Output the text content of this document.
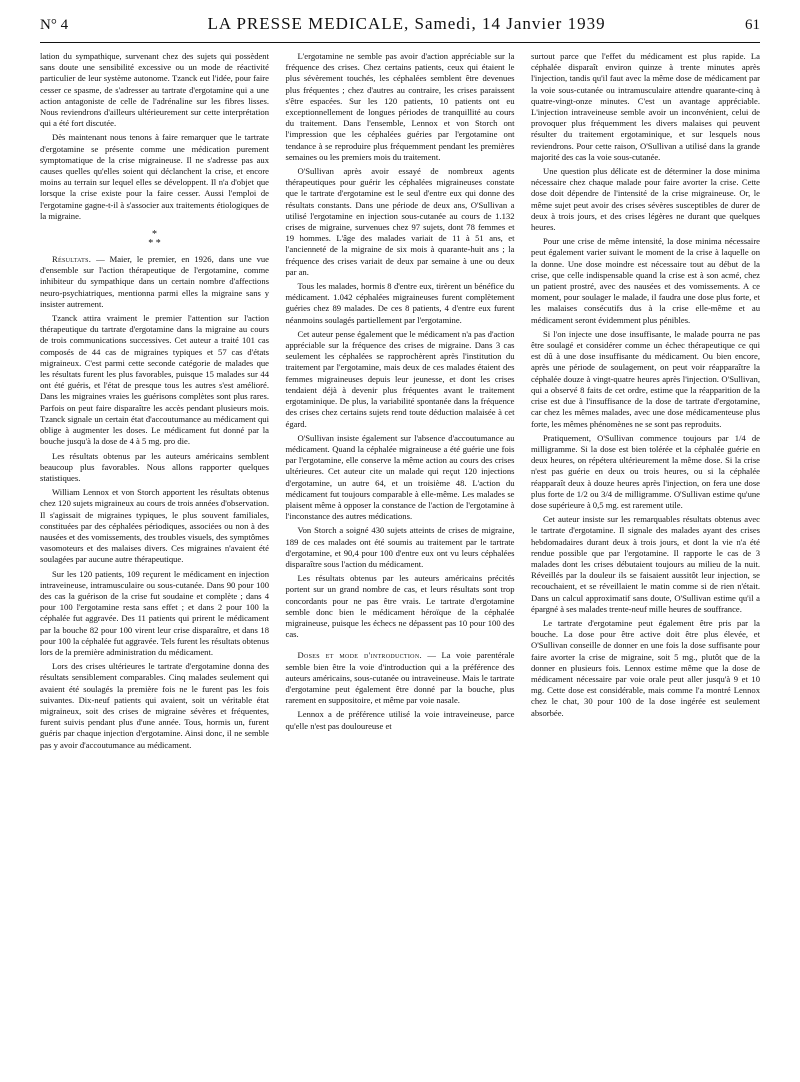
N° 4	LA PRESSE MEDICALE, Samedi, 14 Janvier 1939	61

lation du sympathique, survenant chez des sujets qui possèdent sans doute une sensibilité excessive ou un mode de réactivité particulier de leur système autonome. Tzanck eut l'idée, pour faire cesser ce spasme, de s'adresser au tartrate d'ergotamine qui a une action antagoniste de celle de l'adrénaline sur les fibres lisses. Nous reviendrons d'ailleurs ultérieurement sur cette interprétation qui a été fort discutée.

Dès maintenant nous tenons à faire remarquer que le tartrate d'ergotamine se présente comme une médication purement symptomatique de la crise migraineuse. Il ne s'adresse pas aux causes quelles qu'elles soient qui déclanchent la crise, et encore moins au terrain sur lequel elles se développent. Il n'a d'objet que lorsque la crise existe pour la faire cesser. Aussi l'emploi de l'ergotamine gagne-t-il à s'associer aux traitements étiologiques de la migraine.

*
* *

Résultats. — Maier, le premier, en 1926, dans une vue d'ensemble sur l'action thérapeutique de l'ergotamine, comme inhibiteur du sympathique dans un certain nombre d'affections neuro-psychiatriques, mentionna parmi elles la migraine sans y insister autrement.

Tzanck attira vraiment le premier l'attention sur l'action thérapeutique du tartrate d'ergotamine dans la migraine au cours de trois communications successives. Cet auteur a traité 101 cas composés de 44 cas de migraines typiques et 57 cas d'états migraineux. C'est parmi cette seconde catégorie de malades que les résultats furent les plus favorables, puisque 15 malades sur 44 ont été guéris, et l'état de presque tous les autres s'est amélioré. Dans les migraines vraies les guérisons complètes sont plus rares. Parfois on peut faire disparaître les accès pendant plusieurs mois. Tzanck signale un certain état d'accoutumance au médicament qui oblige à augmenter les doses. Le médicament fut donné par la bouche jusqu'à la dose de 4 à 5 mg. pro die.

Les résultats obtenus par les auteurs américains semblent beaucoup plus favorables. Nous allons rapporter quelques statistiques.

William Lennox et von Storch apportent les résultats obtenus chez 120 sujets migraineux au cours de trois années d'observation. Il s'agissait de migraines typiques, le plus souvent familiales, constituées par des céphalées périodiques, associées ou non à des nausées et des vomissements, des troubles visuels, des symptômes vasomoteurs et des malaises divers. Ces migraines n'avaient été soulagées par aucune autre thérapeutique.

Sur les 120 patients, 109 reçurent le médicament en injection intraveineuse, intramusculaire ou sous-cutanée. Dans 90 pour 100 des cas la guérison de la crise fut soudaine et complète ; dans 4 pour 100 l'ergotamine resta sans effet ; et dans 2 pour 100 la céphalée fut aggravée. Des 11 patients qui prirent le médicament par la bouche 82 pour 100 virent leur crise disparaître, et dans 18 pour 100 la céphalée fut aggravée. Tels furent les résultats obtenus lors de la première administration du médicament.

Lors des crises ultérieures le tartrate d'ergotamine donna des résultats sensiblement comparables. Cinq malades seulement qui avaient été soulagés la première fois ne le furent pas les fois suivantes. Dix-neuf patients qui avaient, soit un véritable état migraineux, soit des crises de migraine sévères et fréquentes, furent suivis pendant plus d'une année. Tous, hormis un, furent guéris par chaque injection d'ergotamine. Ainsi donc, il ne semble pas y avoir d'accoutumance au médicament.

L'ergotamine ne semble pas avoir d'action appréciable sur la fréquence des crises. Chez certains patients, ceux qui étaient le plus sévèrement touchés, les céphalées semblent être devenues plus fréquentes ; chez d'autres au contraire, les crises paraissent s'être espacées. Sur les 120 patients, 10 patients ont eu exceptionnellement de longues périodes de tranquillité au cours du traitement. Dans l'ensemble, Lennox et von Storch ont l'impression que les céphalées guéries par l'ergotamine ont tendance à se reproduire plus fréquemment pendant les premières semaines ou les premiers mois du traitement.

O'Sullivan après avoir essayé de nombreux agents thérapeutiques pour guérir les céphalées migraineuses constate que le tartrate d'ergotamine est le seul d'entre eux qui donne des résultats constants. Dans une période de deux ans, O'Sullivan a utilisé l'ergotamine en injection sous-cutanée au cours de 1.132 crises de migraine, survenues chez 97 sujets, dont 78 femmes et 19 hommes. L'âge des malades variait de 11 à 51 ans, et l'ancienneté de la migraine de six mois à quarante-huit ans ; la fréquence des crises variait de deux par semaine à une ou deux par an.

Tous les malades, hormis 8 d'entre eux, tirèrent un bénéfice du médicament. 1.042 céphalées migraineuses furent complètement guéries chez 89 malades. De ces 8 patients, 4 d'entre eux furent néanmoins soulagés partiellement par l'ergotamine.

Cet auteur pense également que le médicament n'a pas d'action appréciable sur la fréquence des crises de migraine. Dans 3 cas seulement les céphalées se rapprochèrent après l'institution du traitement par l'ergotamine, mais deux de ces malades étaient des femmes migraineuses depuis leur jeunesse, et dont les crises tendaient déjà à devenir plus fréquentes avant le traitement ergotaminique. De plus, la variabilité spontanée dans la fréquence des crises chez certains sujets rend toute déduction malaisée à cet égard.

O'Sullivan insiste également sur l'absence d'accoutumance au médicament. Quand la céphalée migraineuse a été guérie une fois par l'ergotamine, elle conserve la même action au cours des crises ultérieures. Cet auteur cite un malade qui reçut 120 injections d'ergotamine, un autre 64, et un troisième 48. L'action du médicament fut toujours comparable à elle-même. Les malades se plaisent même à opposer la constance de l'action de l'ergotamine à l'inconstance des autres médications.

Von Storch a soigné 430 sujets atteints de crises de migraine, 189 de ces malades ont été soumis au traitement par le tartrate d'ergotamine, et 90,4 pour 100 d'entre eux ont vu leurs céphalées disparaître sous l'action du médicament.

Les résultats obtenus par les auteurs américains précités portent sur un grand nombre de cas, et leurs résultats sont trop concordants pour ne pas être vrais. Le tartrate d'ergotamine semble donc bien le médicament héroïque de la céphalée migraineuse, puisque les échecs ne dépassent pas 10 pour 100 des cas.

Doses et mode d'introduction. — La voie parentérale semble bien être la voie d'introduction qui a la préférence des auteurs américains, sous-cutanée ou intraveineuse. Mais le tartrate d'ergotamine peut également être donné par la bouche, plus rarement en suppositoire, et même par voie nasale.

Lennox a de préférence utilisé la voie intraveineuse, parce qu'elle n'est pas douloureuse et

surtout parce que l'effet du médicament est plus rapide. La céphalée disparaît environ quinze à trente minutes après l'injection, tandis qu'il faut avec la même dose de médicament par la voie sous-cutanée ou intramusculaire attendre quarante-cinq à quatre-vingt-onze minutes. C'est un avantage appréciable. L'injection intraveineuse semble avoir un inconvénient, celui de provoquer plus fréquemment les divers malaises qui peuvent résulter du traitement ergotaminique, et sur lesquels nous reviendrons. Pour cette raison, O'Sullivan a utilisé dans la grande majorité des cas la voie sous-cutanée.

Une question plus délicate est de déterminer la dose minima nécessaire chez chaque malade pour faire avorter la crise. Cette dose doit dépendre de l'intensité de la crise migraineuse. Or, le même sujet peut avoir des crises sévères susceptibles de durer de deux à trois jours, et des crises légères ne durant que quelques heures.

Pour une crise de même intensité, la dose minima nécessaire peut également varier suivant le moment de la crise à laquelle on la donne. Une dose moindre est nécessaire tout au début de la crise, que celle indispensable quand la crise est à son acmé, chez un patient prostré, avec des nausées et des vomissements. A ce moment, pour soulager le malade, il faudra une dose plus forte, et les malaises consécutifs dus à la crise elle-même et au médicament seront évidemment plus pénibles.

Si l'on injecte une dose insuffisante, le malade pourra ne pas être soulagé et considérer comme un échec thérapeutique ce qui est dû à une dose insuffisante du médicament. Ou bien encore, après une période de soulagement, on peut voir réapparaître la céphalée douze à vingt-quatre heures après l'injection. O'Sullivan, qui a observé 8 faits de cet ordre, estime que la réapparition de la crise est due à l'insuffisance de la dose de tartrate d'ergotamine, car chez les mêmes malades, avec une dose médicamenteuse plus forte, les mêmes phénomènes ne se sont pas reproduits.

Pratiquement, O'Sullivan commence toujours par 1/4 de milligramme. Si la dose est bien tolérée et la céphalée guérie en deux heures, on répétera ultérieurement la même dose. Si la crise n'est pas guérie en deux ou trois heures, ou si la céphalée réapparaît deux à douze heures après l'injection, on fera une dose plus forte de 1/2 ou 3/4 de milligramme. O'Sullivan estime qu'une dose supérieure à 0,5 mg. est rarement utile.

Cet auteur insiste sur les remarquables résultats obtenus avec le tartrate d'ergotamine. Il signale des malades ayant des crises hebdomadaires durant deux à trois jours, et dont la vie n'a été rendue possible que par l'ergotamine. Il rapporte le cas de 3 malades dont les crises débutaient toujours au milieu de la nuit. Réveillés par la douleur ils se faisaient aussitôt leur injection, se recouchaient, et se réveillaient le matin comme si de rien n'était. Dans un calcul approximatif sans doute, O'Sullivan estime qu'il a épargné à ses malades trente-neuf mille heures de souffrance.

Le tartrate d'ergotamine peut également être pris par la bouche. La dose pour être active doit être plus élevée, et O'Sullivan conseille de donner en une fois la dose suffisante pour faire avorter la crise de migraine, soit 5 mg., plutôt que de la donner en plusieurs fois. Lennox estime même que la dose de médicament nécessaire par voie orale peut aller jusqu'à 9 et 10 mg. Cette dose est considérable, mais comme l'a montré Lennox chez le chat, 30 pour 100 de la dose ingérée est seulement absorbée.
